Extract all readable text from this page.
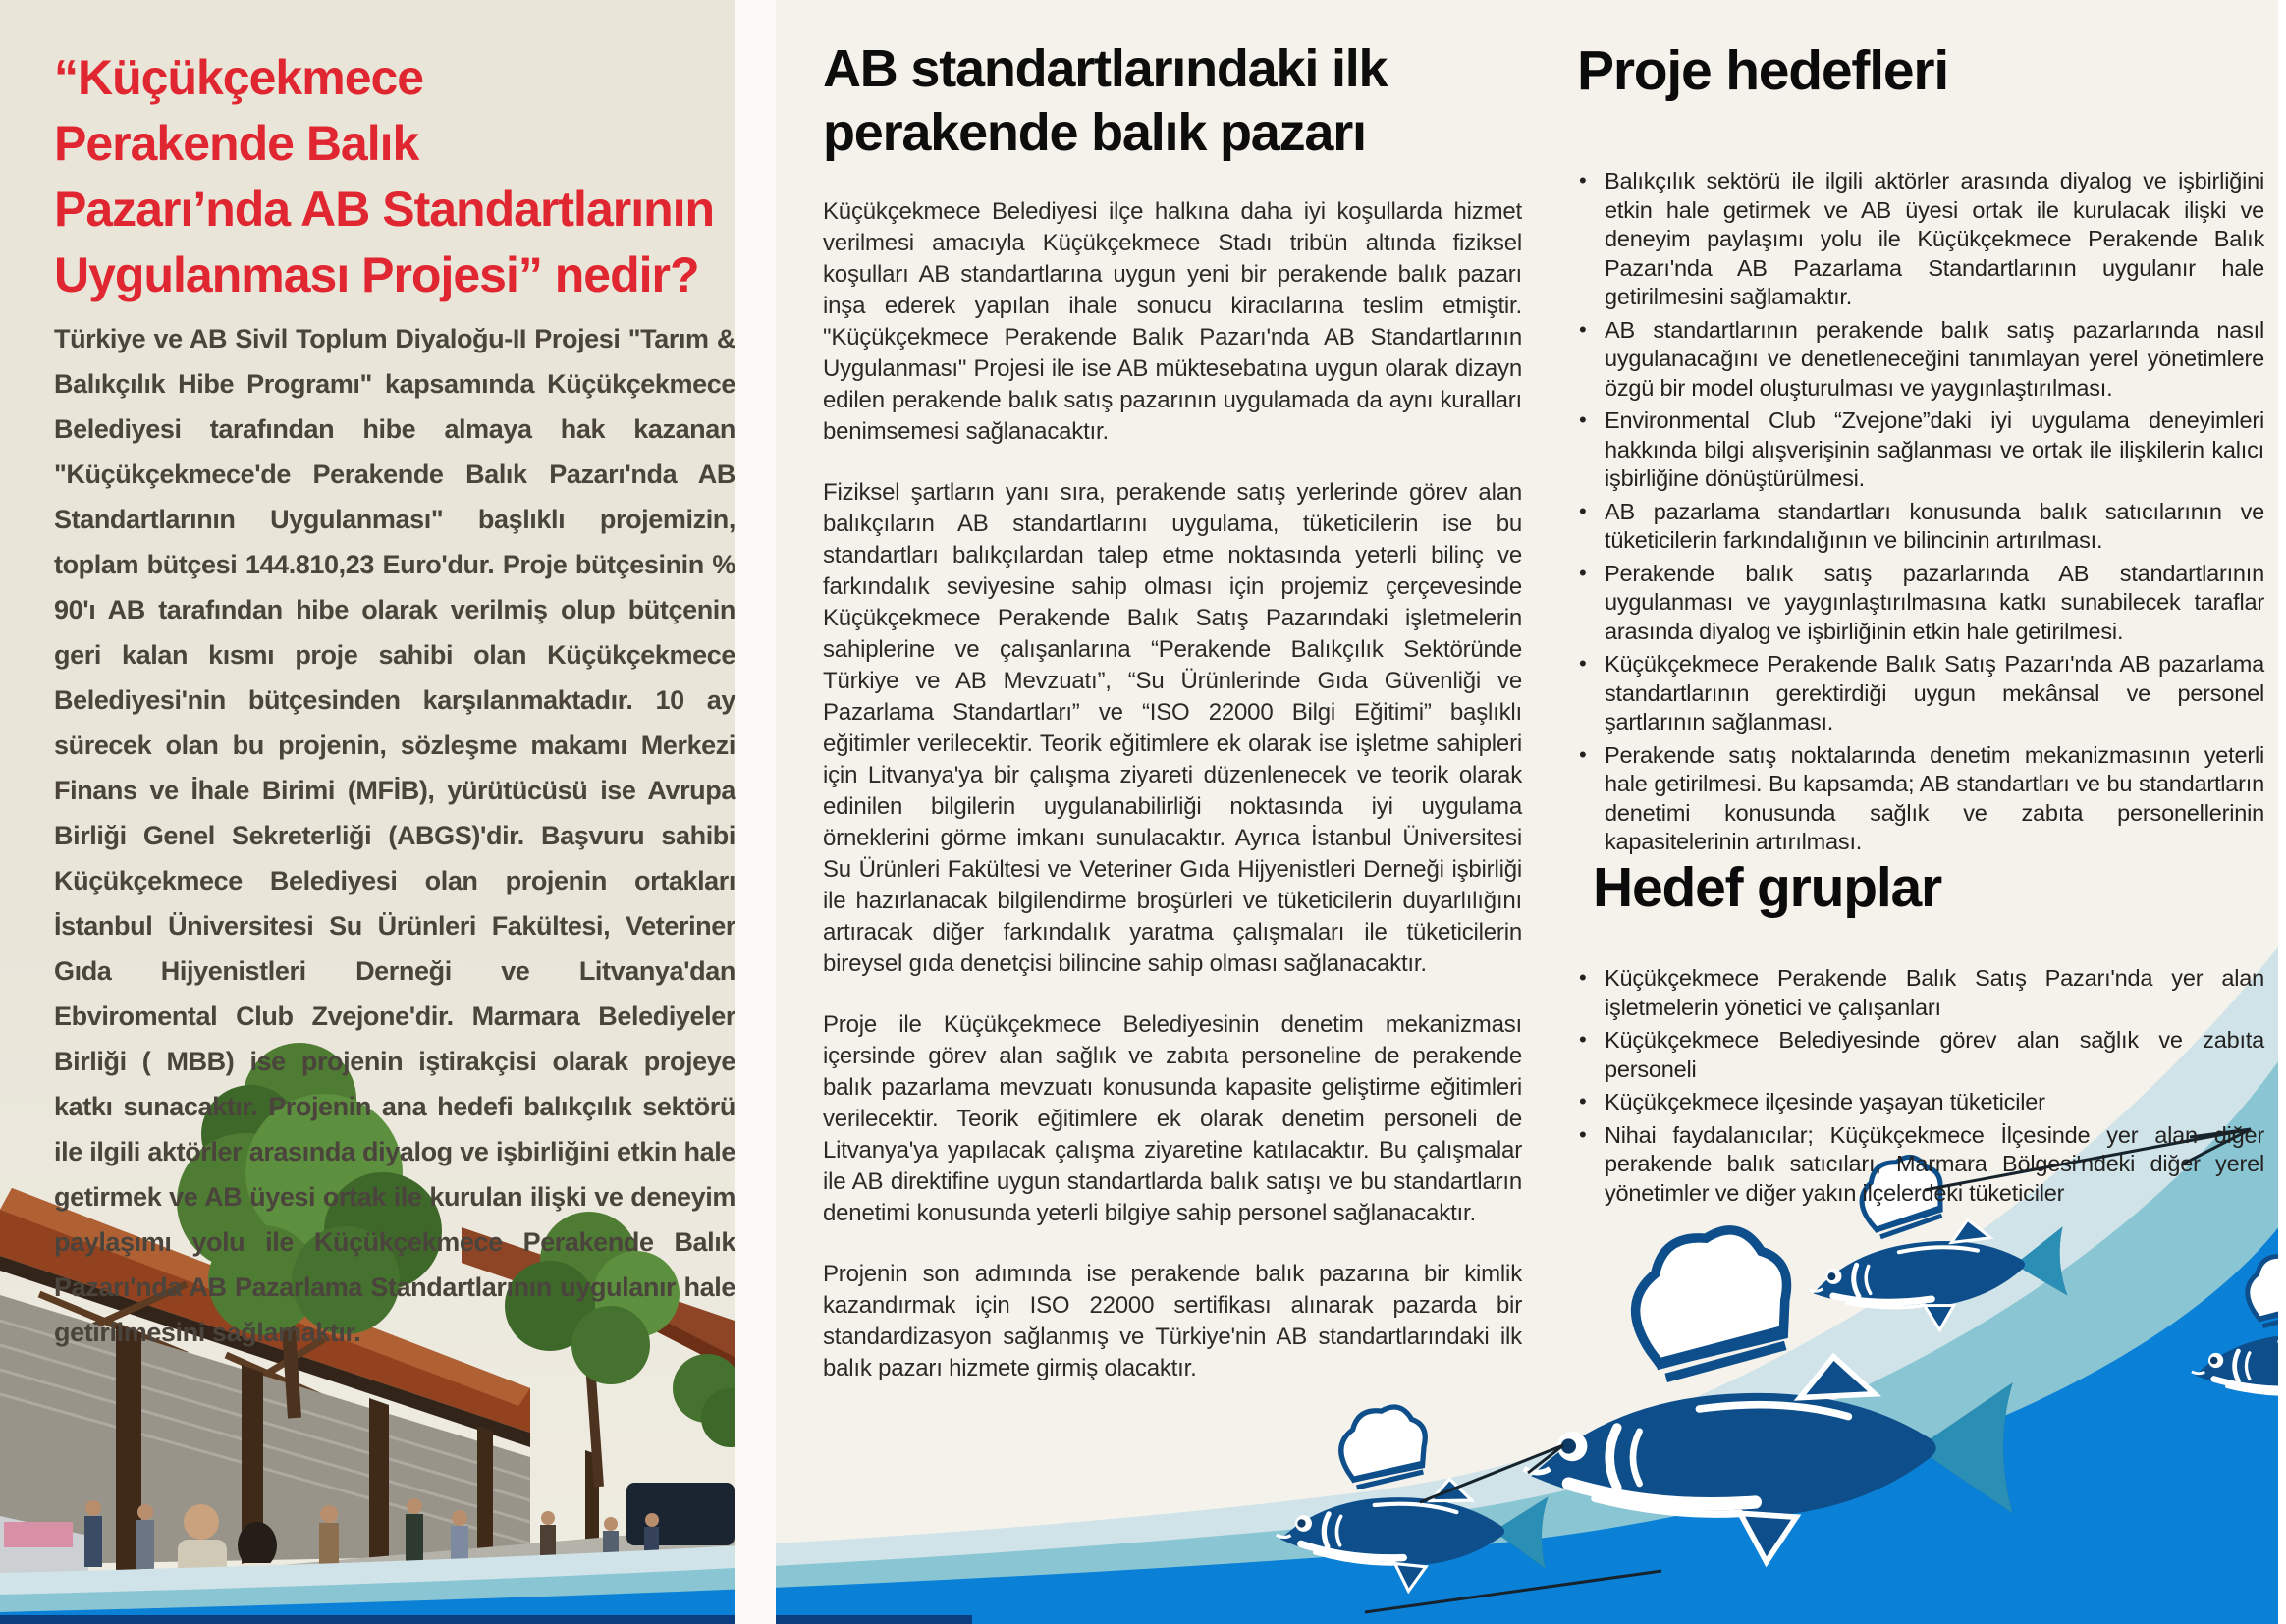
“Küçükçekmece
Perakende Balık
Pazarı’nda AB Standartlarının
Uygulanması Projesi” nedir?
Türkiye ve AB Sivil Toplum Diyaloğu-II Projesi "Tarım & Balıkçılık Hibe Programı" kapsamında Küçükçekmece Belediyesi tarafından hibe almaya hak kazanan "Küçükçekmece'de Perakende Balık Pazarı'nda AB Standartlarının Uygulanması" başlıklı projemizin, toplam bütçesi 144.810,23 Euro'dur. Proje bütçesinin % 90'ı AB tarafından hibe olarak verilmiş olup bütçenin geri kalan kısmı proje sahibi olan Küçükçekmece Belediyesi'nin bütçesinden karşılanmaktadır. 10 ay sürecek olan bu projenin, sözleşme makamı Merkezi Finans ve İhale Birimi (MFİB), yürütücüsü ise Avrupa Birliği Genel Sekreterliği (ABGS)'dir. Başvuru sahibi Küçükçekmece Belediyesi olan projenin ortakları İstanbul Üniversitesi Su Ürünleri Fakültesi, Veteriner Gıda Hijyenistleri Derneği ve Litvanya'dan Ebviromental Club Zvejone'dir. Marmara Belediyeler Birliği ( MBB) ise projenin iştirakçisi olarak projeye katkı sunacaktır. Projenin ana hedefi balıkçılık sektörü ile ilgili aktörler arasında diyalog ve işbirliğini etkin hale getirmek ve AB üyesi ortak ile kurulan ilişki ve deneyim paylaşımı yolu ile Küçükçekmece Perakende Balık Pazarı'nda AB Pazarlama Standartlarının uygulanır hale getirilmesini sağlamaktır.
AB standartlarındaki ilk perakende balık pazarı

Küçükçekmece Belediyesi ilçe halkına daha iyi koşullarda hizmet verilmesi amacıyla Küçükçekmece Stadı tribün altında fiziksel koşulları AB standartlarına uygun yeni bir perakende balık pazarı inşa ederek yapılan ihale sonucu kiracılarına teslim etmiştir. "Küçükçekmece Perakende Balık Pazarı'nda AB Standartlarının Uygulanması" Projesi ile ise AB müktesebatına uygun olarak dizayn edilen perakende balık satış pazarının uygulamada da aynı kuralları benimsemesi sağlanacaktır.

Fiziksel şartların yanı sıra, perakende satış yerlerinde görev alan balıkçıların AB standartlarını uygulama, tüketicilerin ise bu standartları balıkçılardan talep etme noktasında yeterli bilinç ve farkındalık seviyesine sahip olması için projemiz çerçevesinde Küçükçekmece Perakende Balık Satış Pazarındaki işletmelerin sahiplerine ve çalışanlarına “Perakende Balıkçılık Sektöründe Türkiye ve AB Mevzuatı”, “Su Ürünlerinde Gıda Güvenliği ve Pazarlama Standartları” ve “ISO 22000 Bilgi Eğitimi” başlıklı eğitimler verilecektir. Teorik eğitimlere ek olarak ise işletme sahipleri için Litvanya'ya bir çalışma ziyareti düzenlenecek ve teorik olarak edinilen bilgilerin uygulanabilirliği noktasında iyi uygulama örneklerini görme imkanı sunulacaktır. Ayrıca İstanbul Üniversitesi Su Ürünleri Fakültesi ve Veteriner Gıda Hijyenistleri Derneği işbirliği ile hazırlanacak bilgilendirme broşürleri ve tüketicilerin duyarlılığını artıracak diğer farkındalık yaratma çalışmaları ile tüketicilerin bireysel gıda denetçisi bilincine sahip olması sağlanacaktır.

Proje ile Küçükçekmece Belediyesinin denetim mekanizması içersinde görev alan sağlık ve zabıta personeline de perakende balık pazarlama mevzuatı konusunda kapasite geliştirme eğitimleri verilecektir. Teorik eğitimlere ek olarak denetim personeli de Litvanya'ya yapılacak çalışma ziyaretine katılacaktır. Bu çalışmalar ile AB direktifine uygun standartlarda balık satışı ve bu standartların denetimi konusunda yeterli bilgiye sahip personel sağlanacaktır.

Projenin son adımında ise perakende balık pazarına bir kimlik kazandırmak için ISO 22000 sertifikası alınarak pazarda bir standardizasyon sağlanmış ve Türkiye'nin AB standartlarındaki ilk balık pazarı hizmete girmiş olacaktır.

Proje hedefleri
• Balıkçılık sektörü ile ilgili aktörler arasında diyalog ve işbirliğini etkin hale getirmek ve AB üyesi ortak ile kurulacak ilişki ve deneyim paylaşımı yolu ile Küçükçekmece Perakende Balık Pazarı'nda AB Pazarlama Standartlarının uygulanır hale getirilmesini sağlamaktır.
• AB standartlarının perakende balık satış pazarlarında nasıl uygulanacağını ve denetleneceğini tanımlayan yerel yönetimlere özgü bir model oluşturulması ve yaygınlaştırılması.
• Environmental Club “Zvejone”daki iyi uygulama deneyimleri hakkında bilgi alışverişinin sağlanması ve ortak ile ilişkilerin kalıcı işbirliğine dönüştürülmesi.
• AB pazarlama standartları konusunda balık satıcılarının ve tüketicilerin farkındalığının ve bilincinin artırılması.
• Perakende balık satış pazarlarında AB standartlarının uygulanması ve yaygınlaştırılmasına katkı sunabilecek taraflar arasında diyalog ve işbirliğinin etkin hale getirilmesi.
• Küçükçekmece Perakende Balık Satış Pazarı'nda AB pazarlama standartlarının gerektirdiği uygun mekânsal ve personel şartlarının sağlanması.
• Perakende satış noktalarında denetim mekanizmasının yeterli hale getirilmesi. Bu kapsamda; AB standartları ve bu standartların denetimi konusunda sağlık ve zabıta personellerinin kapasitelerinin artırılması.
Hedef gruplar
• Küçükçekmece Perakende Balık Satış Pazarı'nda yer alan işletmelerin yönetici ve çalışanları
• Küçükçekmece Belediyesinde görev alan sağlık ve zabıta personeli
• Küçükçekmece ilçesinde yaşayan tüketiciler
• Nihai faydalanıcılar; Küçükçekmece İlçesinde yer alan diğer perakende balık satıcıları, Marmara Bölgesi'ndeki diğer yerel yönetimler ve diğer yakın ilçelerdeki tüketiciler
